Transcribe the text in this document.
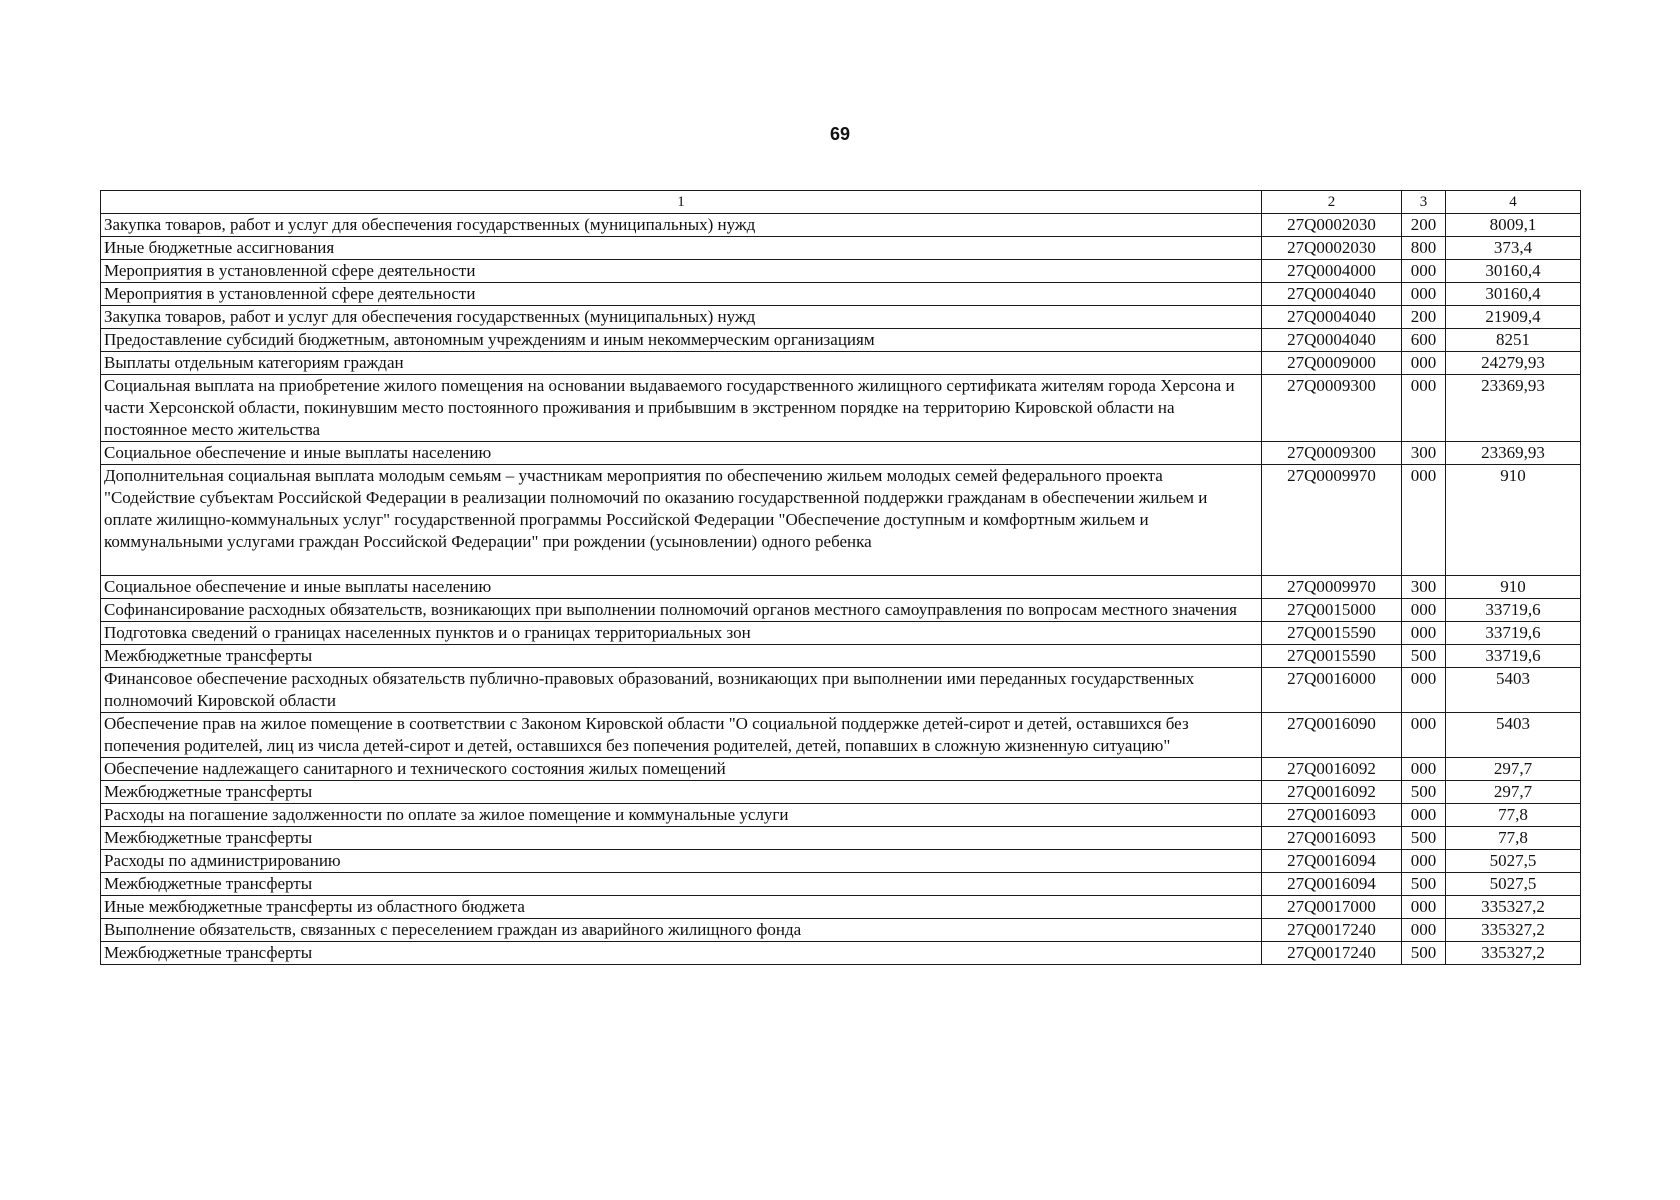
69
1	2	3	4
Закупка товаров, работ и услуг для обеспечения государственных (муниципальных) нужд	27Q0002030	200	8009,1
Иные бюджетные ассигнования	27Q0002030	800	373,4
Мероприятия в установленной сфере деятельности	27Q0004000	000	30160,4
Мероприятия в установленной сфере деятельности	27Q0004040	000	30160,4
Закупка товаров, работ и услуг для обеспечения государственных (муниципальных) нужд	27Q0004040	200	21909,4
Предоставление субсидий бюджетным, автономным учреждениям и иным некоммерческим организациям	27Q0004040	600	8251
Выплаты отдельным категориям граждан	27Q0009000	000	24279,93
Социальная выплата на приобретение жилого помещения на основании выдаваемого государственного жилищного сертификата жителям города Херсона и части Херсонской области, покинувшим место постоянного проживания и прибывшим в экстренном порядке на территорию Кировской области на постоянное место жительства	27Q0009300	000	23369,93
Социальное обеспечение и иные выплаты населению	27Q0009300	300	23369,93
Дополнительная социальная выплата молодым семьям – участникам мероприятия по обеспечению жильем молодых семей федерального проекта "Содействие субъектам Российской Федерации в реализации полномочий по оказанию государственной поддержки гражданам в обеспечении жильем и оплате жилищно-коммунальных услуг" государственной программы Российской Федерации "Обеспечение доступным и комфортным жильем и коммунальными услугами граждан Российской Федерации" при рождении (усыновлении) одного ребенка	27Q0009970	000	910
Социальное обеспечение и иные выплаты населению	27Q0009970	300	910
Софинансирование расходных обязательств, возникающих при выполнении полномочий органов местного самоуправления по вопросам местного значения	27Q0015000	000	33719,6
Подготовка сведений о границах населенных пунктов и о границах территориальных зон	27Q0015590	000	33719,6
Межбюджетные трансферты	27Q0015590	500	33719,6
Финансовое обеспечение расходных обязательств публично-правовых образований, возникающих при выполнении ими переданных государственных полномочий Кировской области	27Q0016000	000	5403
Обеспечение прав на жилое помещение в соответствии с Законом Кировской области "О социальной поддержке детей-сирот и детей, оставшихся без попечения родителей, лиц из числа детей-сирот и детей, оставшихся без попечения родителей, детей, попавших в сложную жизненную ситуацию"	27Q0016090	000	5403
Обеспечение надлежащего санитарного и технического состояния жилых помещений	27Q0016092	000	297,7
Межбюджетные трансферты	27Q0016092	500	297,7
Расходы на погашение задолженности по оплате за жилое помещение и коммунальные услуги	27Q0016093	000	77,8
Межбюджетные трансферты	27Q0016093	500	77,8
Расходы по администрированию	27Q0016094	000	5027,5
Межбюджетные трансферты	27Q0016094	500	5027,5
Иные межбюджетные трансферты из областного бюджета	27Q0017000	000	335327,2
Выполнение обязательств, связанных с переселением граждан из аварийного жилищного фонда	27Q0017240	000	335327,2
Межбюджетные трансферты	27Q0017240	500	335327,2
